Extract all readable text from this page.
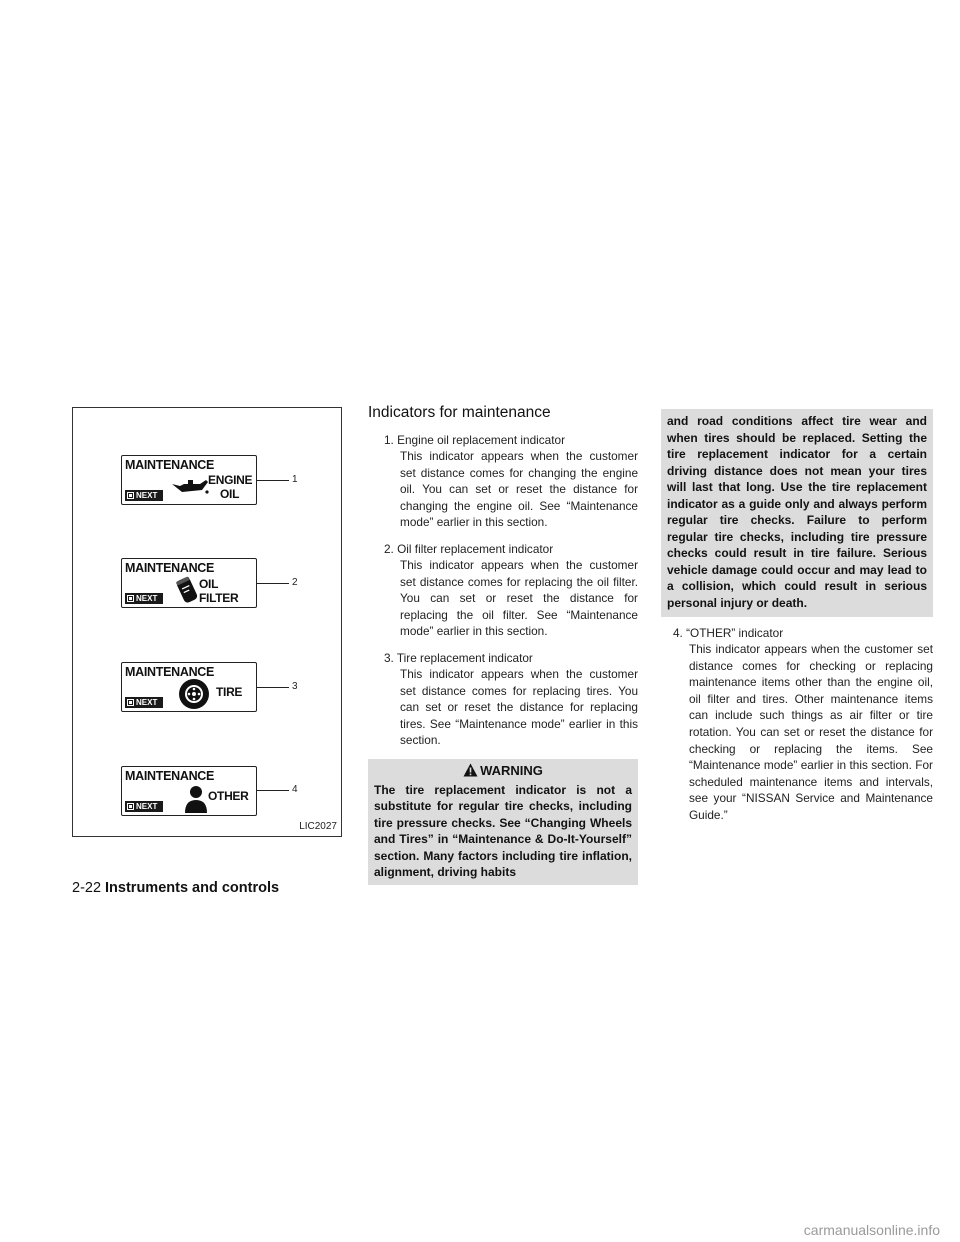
MAINTENANCE
NEXT
ENGINE
OIL
1
MAINTENANCE
NEXT
OIL FILTER
2
MAINTENANCE
NEXT
TIRE	3
MAINTENANCE
NEXT
OTHER	4
LIC2027
Indicators for maintenance
1. Engine oil replacement indicator
This indicator appears when the customer set distance comes for changing the engine oil. You can set or reset the distance for changing the engine oil. See “Maintenance mode” earlier in this section.
2. Oil filter replacement indicator
This indicator appears when the customer set distance comes for replacing the oil filter. You can set or reset the distance for replacing the oil filter. See “Maintenance mode” earlier in this section.
3. Tire replacement indicator
This indicator appears when the customer set distance comes for replacing tires. You can set or reset the distance for replacing tires. See “Maintenance mode” earlier in this section.
WARNING

The tire replacement indicator is not a substitute for regular tire checks, including tire pressure checks. See “Changing Wheels and Tires” in “Maintenance & Do-It-Yourself” section. Many factors including tire inflation, alignment, driving habits

and road conditions affect tire wear and when tires should be replaced. Setting the tire replacement indicator for a certain driving distance does not mean your tires will last that long. Use the tire replacement indicator as a guide only and always perform regular tire checks. Failure to perform regular tire checks, including tire pressure checks could result in tire failure. Serious vehicle damage could occur and may lead to a collision, which could result in serious personal injury or death.
4. “OTHER” indicator
This indicator appears when the customer set distance comes for checking or replacing maintenance items other than the engine oil, oil filter and tires. Other maintenance items can include such things as air filter or tire rotation. You can set or reset the distance for checking or replacing the items. See “Maintenance mode” earlier in this section. For scheduled maintenance items and intervals, see your “NISSAN Service and Maintenance Guide.”
2-22 Instruments and controls
carmanualsonline.info
